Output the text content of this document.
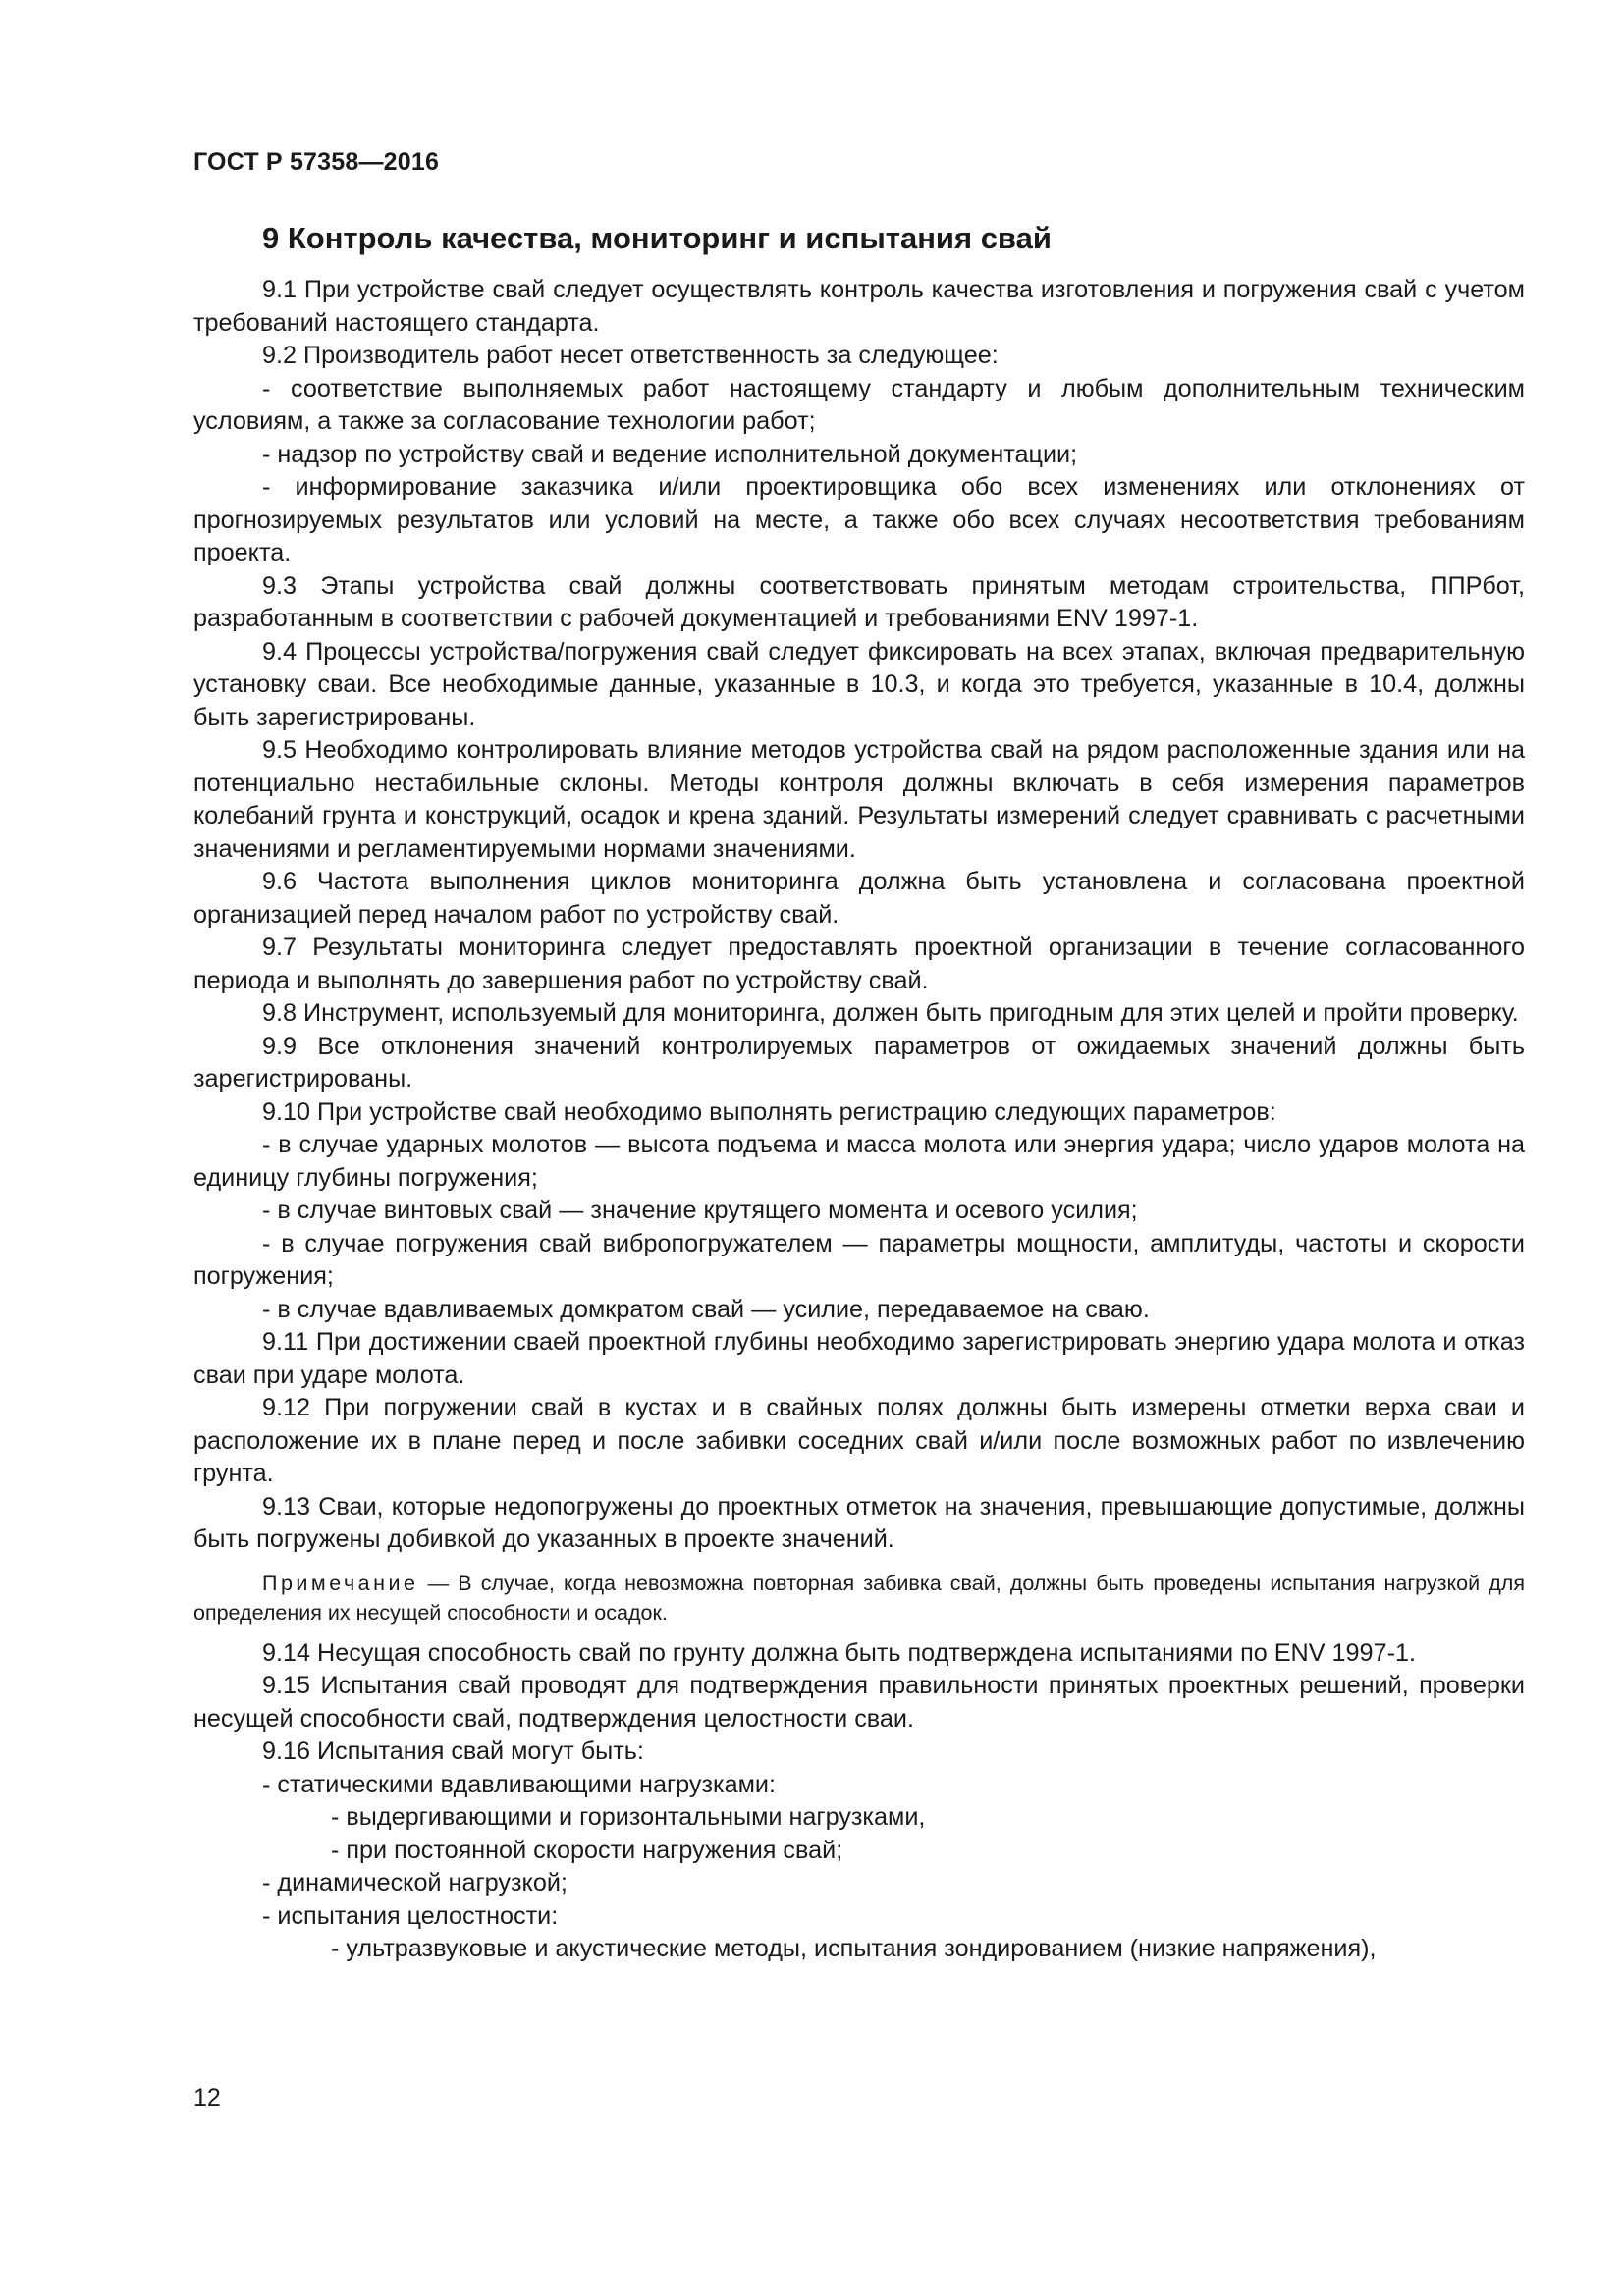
ГОСТ Р 57358—2016
9 Контроль качества, мониторинг и испытания свай

9.1 При устройстве свай следует осуществлять контроль качества изготовления и погружения свай с учетом требований настоящего стандарта.

9.2 Производитель работ несет ответственность за следующее:

- соответствие выполняемых работ настоящему стандарту и любым дополнительным техническим условиям, а также за согласование технологии работ;

- надзор по устройству свай и ведение исполнительной документации;

- информирование заказчика и/или проектировщика обо всех изменениях или отклонениях от прогнозируемых результатов или условий на месте, а также обо всех случаях несоответствия требованиям проекта.

9.3 Этапы устройства свай должны соответствовать принятым методам строительства, ППРбот, разработанным в соответствии с рабочей документацией и требованиями ENV 1997-1.

9.4 Процессы устройства/погружения свай следует фиксировать на всех этапах, включая предварительную установку сваи. Все необходимые данные, указанные в 10.3, и когда это требуется, указанные в 10.4, должны быть зарегистрированы.

9.5 Необходимо контролировать влияние методов устройства свай на рядом расположенные здания или на потенциально нестабильные склоны. Методы контроля должны включать в себя измерения параметров колебаний грунта и конструкций, осадок и крена зданий. Результаты измерений следует сравнивать с расчетными значениями и регламентируемыми нормами значениями.

9.6 Частота выполнения циклов мониторинга должна быть установлена и согласована проектной организацией перед началом работ по устройству свай.

9.7 Результаты мониторинга следует предоставлять проектной организации в течение согласованного периода и выполнять до завершения работ по устройству свай.

9.8 Инструмент, используемый для мониторинга, должен быть пригодным для этих целей и пройти проверку.

9.9 Все отклонения значений контролируемых параметров от ожидаемых значений должны быть зарегистрированы.

9.10 При устройстве свай необходимо выполнять регистрацию следующих параметров:

- в случае ударных молотов — высота подъема и масса молота или энергия удара; число ударов молота на единицу глубины погружения;

- в случае винтовых свай — значение крутящего момента и осевого усилия;

- в случае погружения свай вибропогружателем — параметры мощности, амплитуды, частоты и скорости погружения;

- в случае вдавливаемых домкратом свай — усилие, передаваемое на сваю.

9.11 При достижении сваей проектной глубины необходимо зарегистрировать энергию удара молота и отказ сваи при ударе молота.

9.12 При погружении свай в кустах и в свайных полях должны быть измерены отметки верха сваи и расположение их в плане перед и после забивки соседних свай и/или после возможных работ по извлечению грунта.

9.13 Сваи, которые недопогружены до проектных отметок на значения, превышающие допустимые, должны быть погружены добивкой до указанных в проекте значений.

Примечание — В случае, когда невозможна повторная забивка свай, должны быть проведены испытания нагрузкой для определения их несущей способности и осадок.

9.14 Несущая способность свай по грунту должна быть подтверждена испытаниями по ENV 1997-1.

9.15 Испытания свай проводят для подтверждения правильности принятых проектных решений, проверки несущей способности свай, подтверждения целостности сваи.

9.16 Испытания свай могут быть:

- статическими вдавливающими нагрузками:

- выдергивающими и горизонтальными нагрузками,

- при постоянной скорости нагружения свай;

- динамической нагрузкой;

- испытания целостности:

- ультразвуковые и акустические методы, испытания зондированием (низкие напряжения),

12
